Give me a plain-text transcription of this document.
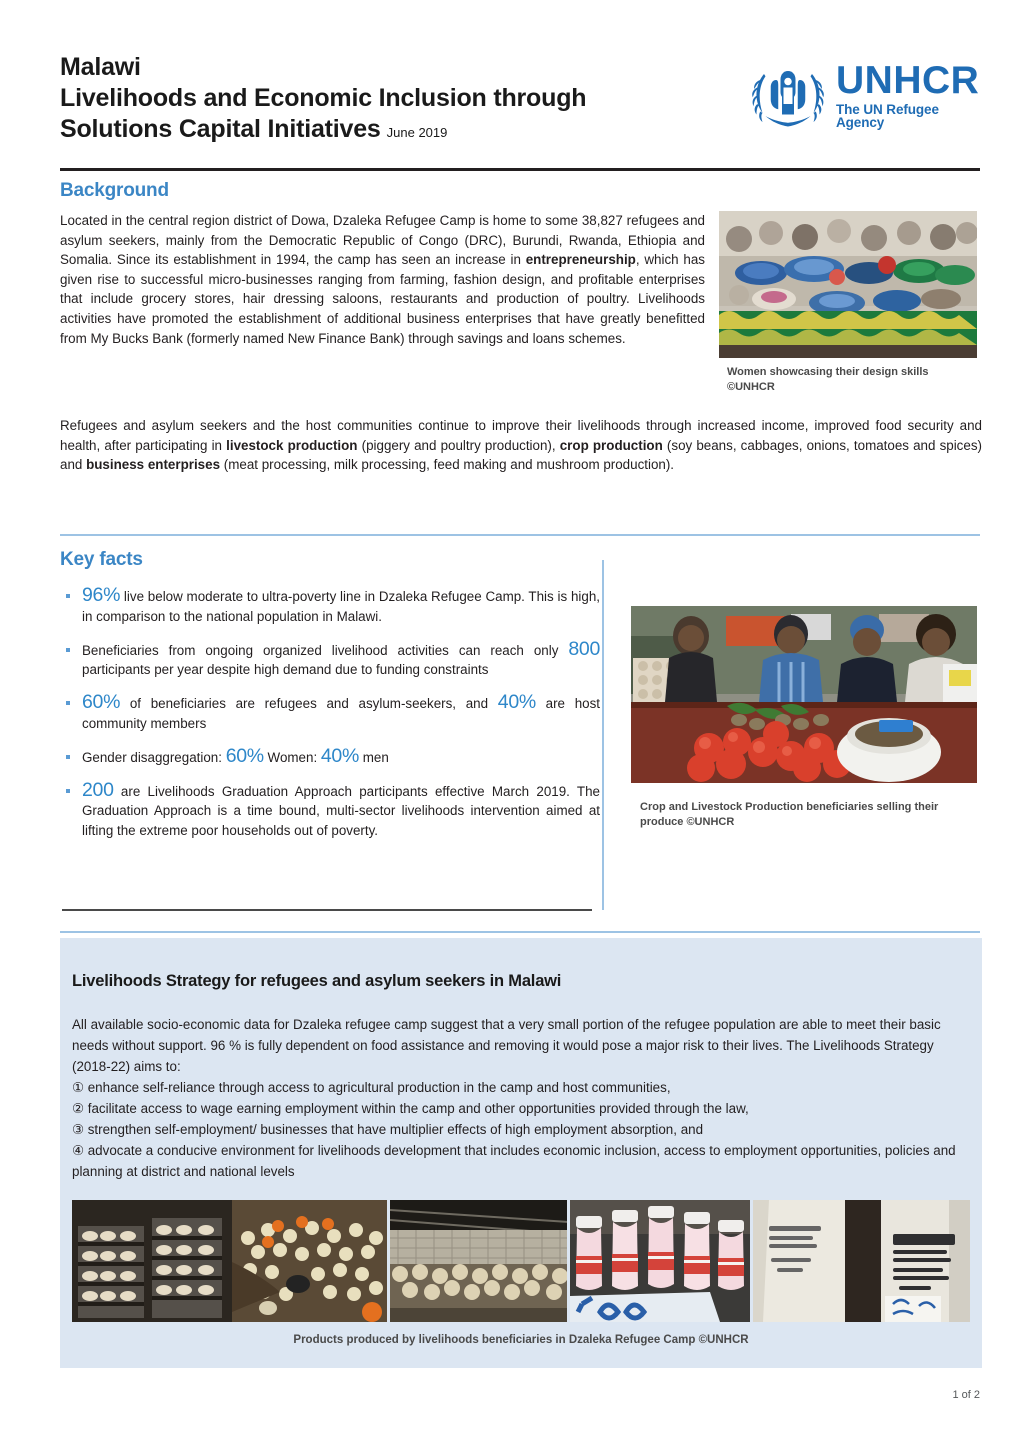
Malawi
Livelihoods and Economic Inclusion through
Solutions Capital Initiatives June 2019
UNHCR
The UN Refugee Agency
Background
Located in the central region district of Dowa, Dzaleka Refugee Camp is home to some 38,827 refugees and asylum seekers, mainly from the Democratic Republic of Congo (DRC), Burundi, Rwanda, Ethiopia and Somalia. Since its establishment in 1994, the camp has seen an increase in entrepreneurship, which has given rise to successful micro-businesses ranging from farming, fashion design, and profitable enterprises that include grocery stores, hair dressing saloons, restaurants and production of poultry. Livelihoods activities have promoted the establishment of additional business enterprises that have greatly benefitted from My Bucks Bank (formerly named New Finance Bank) through savings and loans schemes.
Refugees and asylum seekers and the host communities continue to improve their livelihoods through increased income, improved food security and health, after participating in livestock production (piggery and poultry production), crop production (soy beans, cabbages, onions, tomatoes and spices) and business enterprises (meat processing, milk processing, feed making and mushroom production).
Women showcasing their design skills ©UNHCR
Key facts
96% live below moderate to ultra-poverty line in Dzaleka Refugee Camp. This is high, in comparison to the national population in Malawi.
Beneficiaries from ongoing organized livelihood activities can reach only 800 participants per year despite high demand due to funding constraints
60% of beneficiaries are refugees and asylum-seekers, and 40% are host community members
Gender disaggregation: 60% Women: 40% men
200 are Livelihoods Graduation Approach participants effective March 2019. The Graduation Approach is a time bound, multi-sector livelihoods intervention aimed at lifting the extreme poor households out of poverty.
Crop and Livestock Production beneficiaries selling their produce ©UNHCR
Livelihoods Strategy for refugees and asylum seekers in Malawi
All available socio-economic data for Dzaleka refugee camp suggest that a very small portion of the refugee population are able to meet their basic needs without support. 96 % is fully dependent on food assistance and removing it would pose a major risk to their lives. The Livelihoods Strategy (2018-22) aims to:
① enhance self-reliance through access to agricultural production in the camp and host communities,
② facilitate access to wage earning employment within the camp and other opportunities provided through the law,
③ strengthen self-employment/ businesses that have multiplier effects of high employment absorption, and
④ advocate a conducive environment for livelihoods development that includes economic inclusion, access to employment opportunities, policies and planning at district and national levels
Products produced by livelihoods beneficiaries in Dzaleka Refugee Camp ©UNHCR
1 of 2
